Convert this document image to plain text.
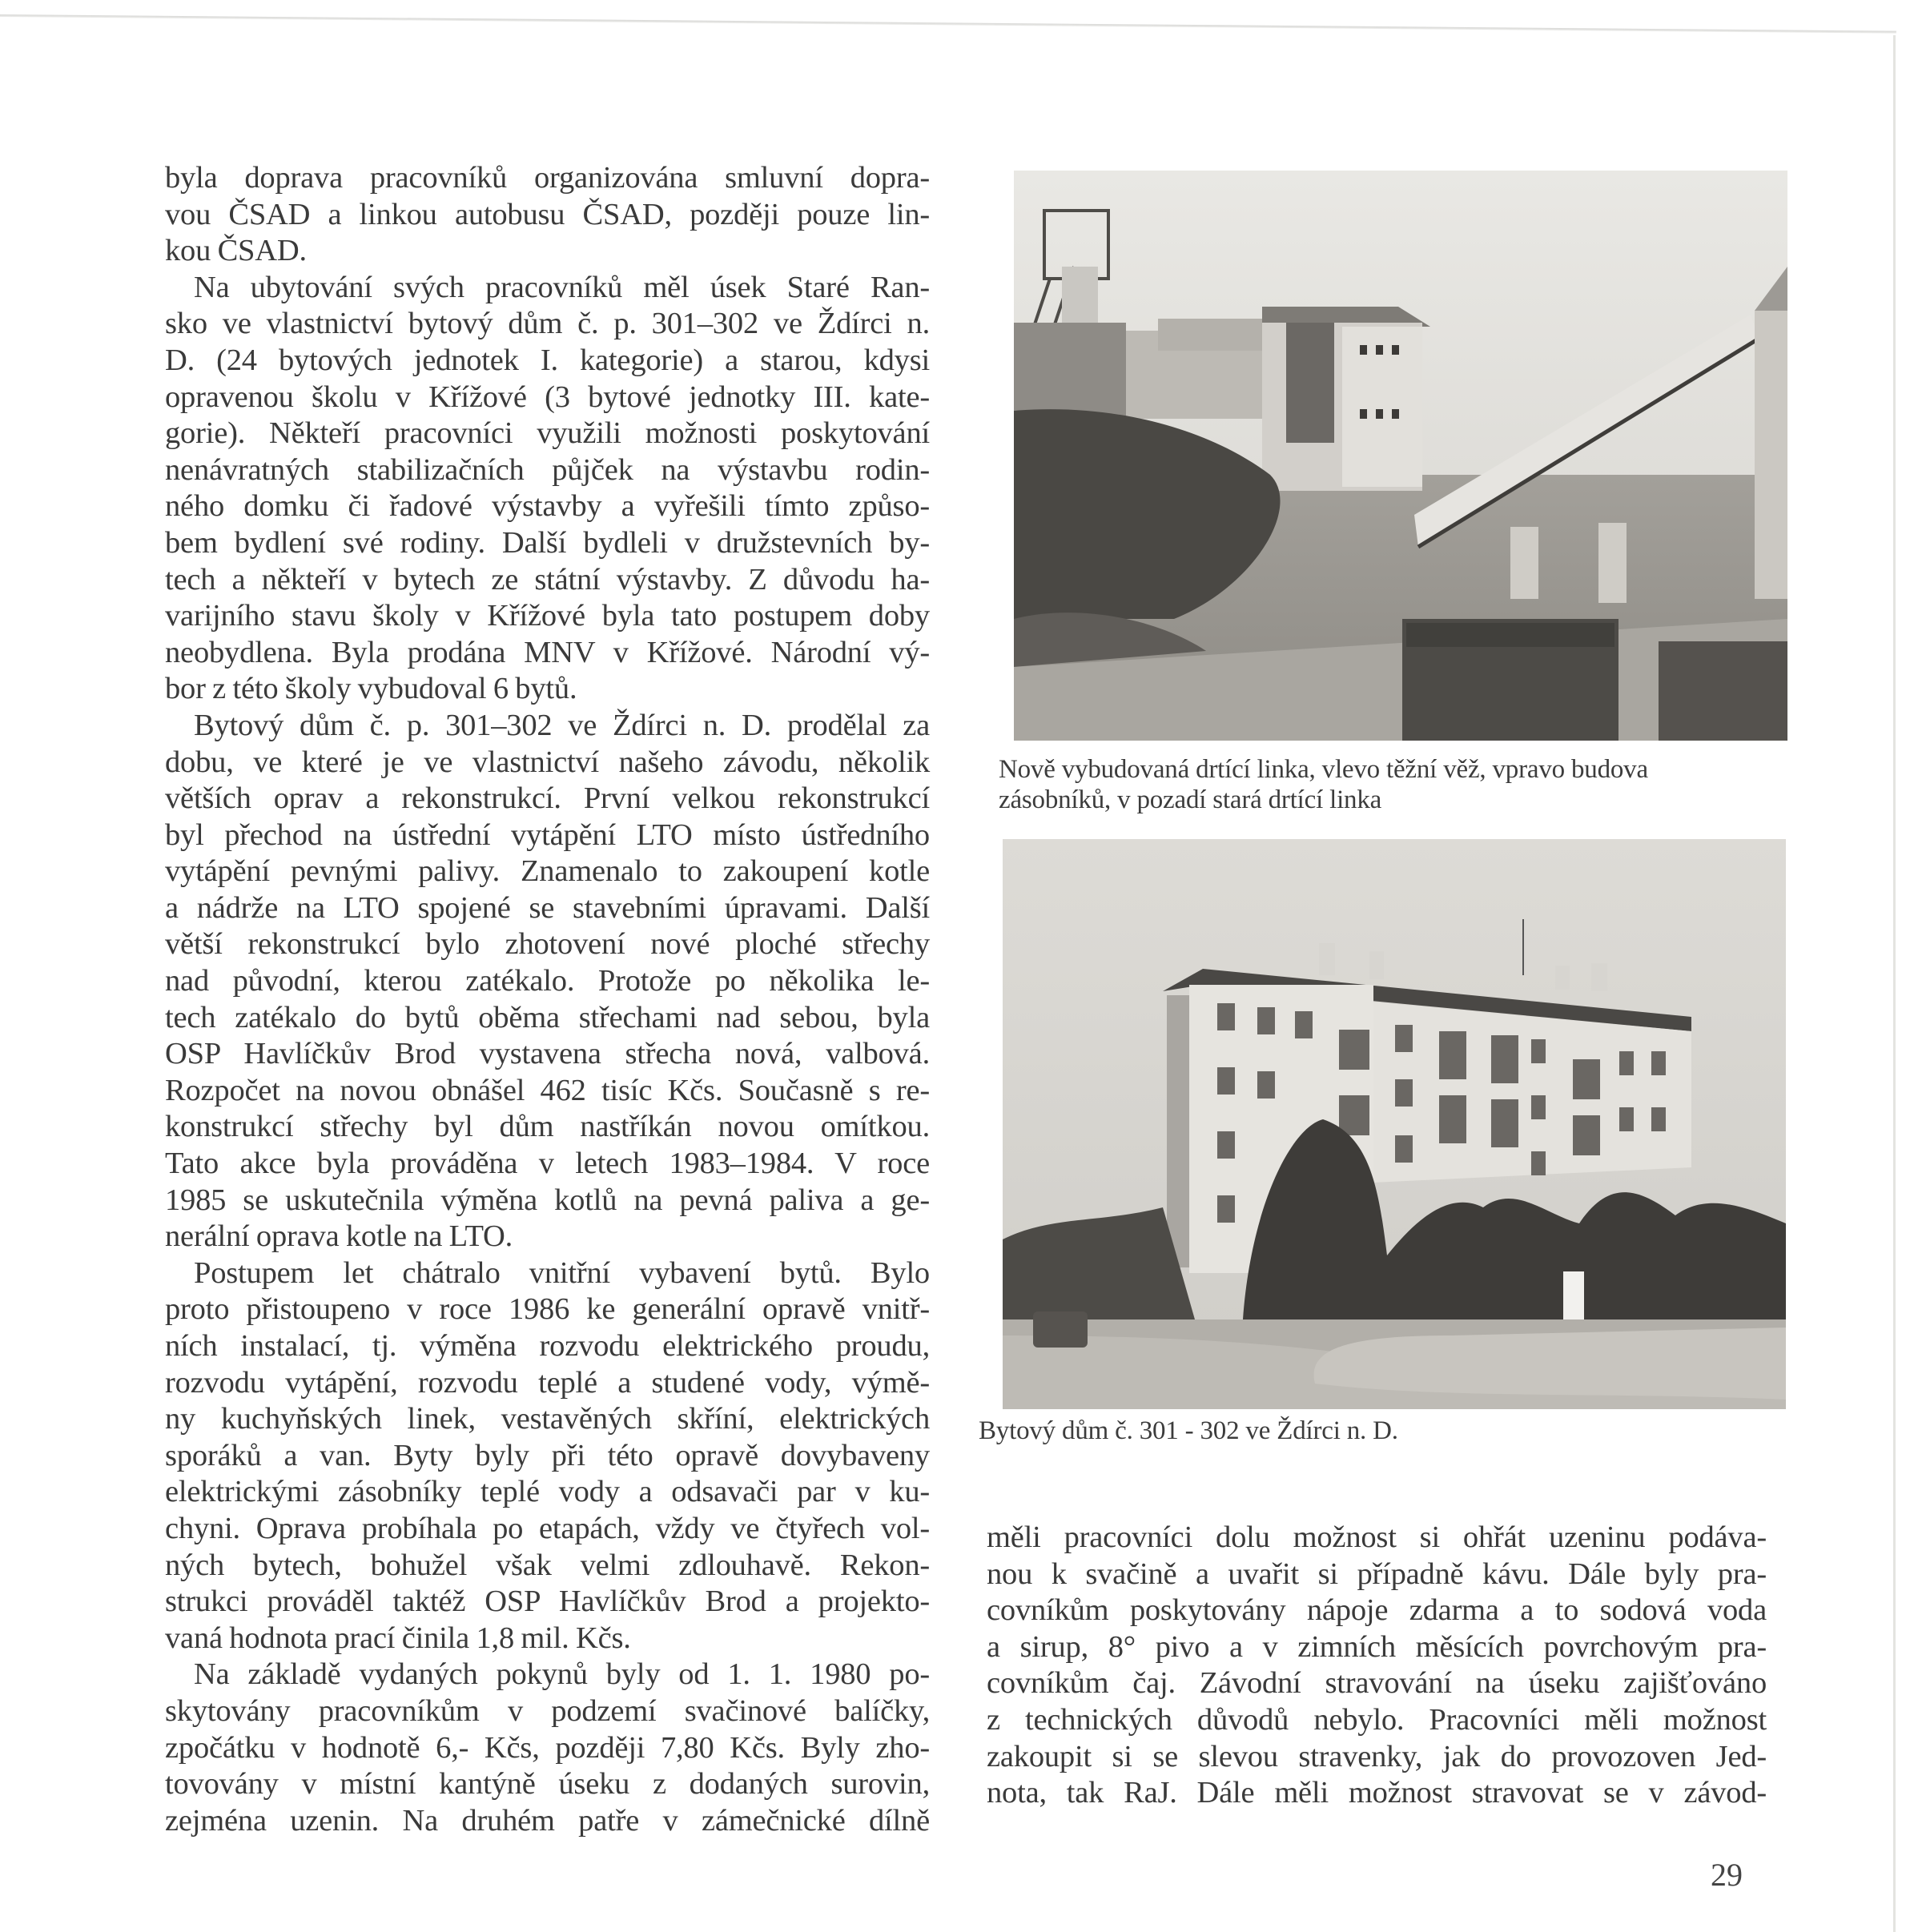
byla doprava pracovníků organizována smluvní dopra-
vou ČSAD a linkou autobusu ČSAD, později pouze lin-
kou ČSAD.
Na ubytování svých pracovníků měl úsek Staré Ran-
sko ve vlastnictví bytový dům č. p. 301–302 ve Ždírci n.
D. (24 bytových jednotek I. kategorie) a starou, kdysi
opravenou školu v Křížové (3 bytové jednotky III. kate-
gorie). Někteří pracovníci využili možnosti poskytování
nenávratných stabilizačních půjček na výstavbu rodin-
ného domku či řadové výstavby a vyřešili tímto způso-
bem bydlení své rodiny. Další bydleli v družstevních by-
tech a někteří v bytech ze státní výstavby. Z důvodu ha-
varijního stavu školy v Křížové byla tato postupem doby
neobydlena. Byla prodána MNV v Křížové. Národní vý-
bor z této školy vybudoval 6 bytů.
Bytový dům č. p. 301–302 ve Ždírci n. D. prodělal za
dobu, ve které je ve vlastnictví našeho závodu, několik
větších oprav a rekonstrukcí. První velkou rekonstrukcí
byl přechod na ústřední vytápění LTO místo ústředního
vytápění pevnými palivy. Znamenalo to zakoupení kotle
a nádrže na LTO spojené se stavebními úpravami. Další
větší rekonstrukcí bylo zhotovení nové ploché střechy
nad původní, kterou zatékalo. Protože po několika le-
tech zatékalo do bytů oběma střechami nad sebou, byla
OSP Havlíčkův Brod vystavena střecha nová, valbová.
Rozpočet na novou obnášel 462 tisíc Kčs. Současně s re-
konstrukcí střechy byl dům nastříkán novou omítkou.
Tato akce byla prováděna v letech 1983–1984. V roce
1985 se uskutečnila výměna kotlů na pevná paliva a ge-
nerální oprava kotle na LTO.
Postupem let chátralo vnitřní vybavení bytů. Bylo
proto přistoupeno v roce 1986 ke generální opravě vnitř-
ních instalací, tj. výměna rozvodu elektrického proudu,
rozvodu vytápění, rozvodu teplé a studené vody, výmě-
ny kuchyňských linek, vestavěných skříní, elektrických
sporáků a van. Byty byly při této opravě dovybaveny
elektrickými zásobníky teplé vody a odsavači par v ku-
chyni. Oprava probíhala po etapách, vždy ve čtyřech vol-
ných bytech, bohužel však velmi zdlouhavě. Rekon-
strukci prováděl taktéž OSP Havlíčkův Brod a projekto-
vaná hodnota prací činila 1,8 mil. Kčs.
Na základě vydaných pokynů byly od 1. 1. 1980 po-
skytovány pracovníkům v podzemí svačinové balíčky,
zpočátku v hodnotě 6,- Kčs, později 7,80 Kčs. Byly zho-
tovovány v místní kantýně úseku z dodaných surovin,
zejména uzenin. Na druhém patře v zámečnické dílně
Nově vybudovaná drtící linka, vlevo těžní věž, vpravo budova
zásobníků, v pozadí stará drtící linka
Bytový dům č. 301 - 302 ve Ždírci n. D.
měli pracovníci dolu možnost si ohřát uzeninu podáva-
nou k svačině a uvařit si případně kávu. Dále byly pra-
covníkům poskytovány nápoje zdarma a to sodová voda
a sirup, 8° pivo a v zimních měsících povrchovým pra-
covníkům čaj. Závodní stravování na úseku zajišťováno
z technických důvodů nebylo. Pracovníci měli možnost
zakoupit si se slevou stravenky, jak do provozoven Jed-
nota, tak RaJ. Dále měli možnost stravovat se v závod-
29
